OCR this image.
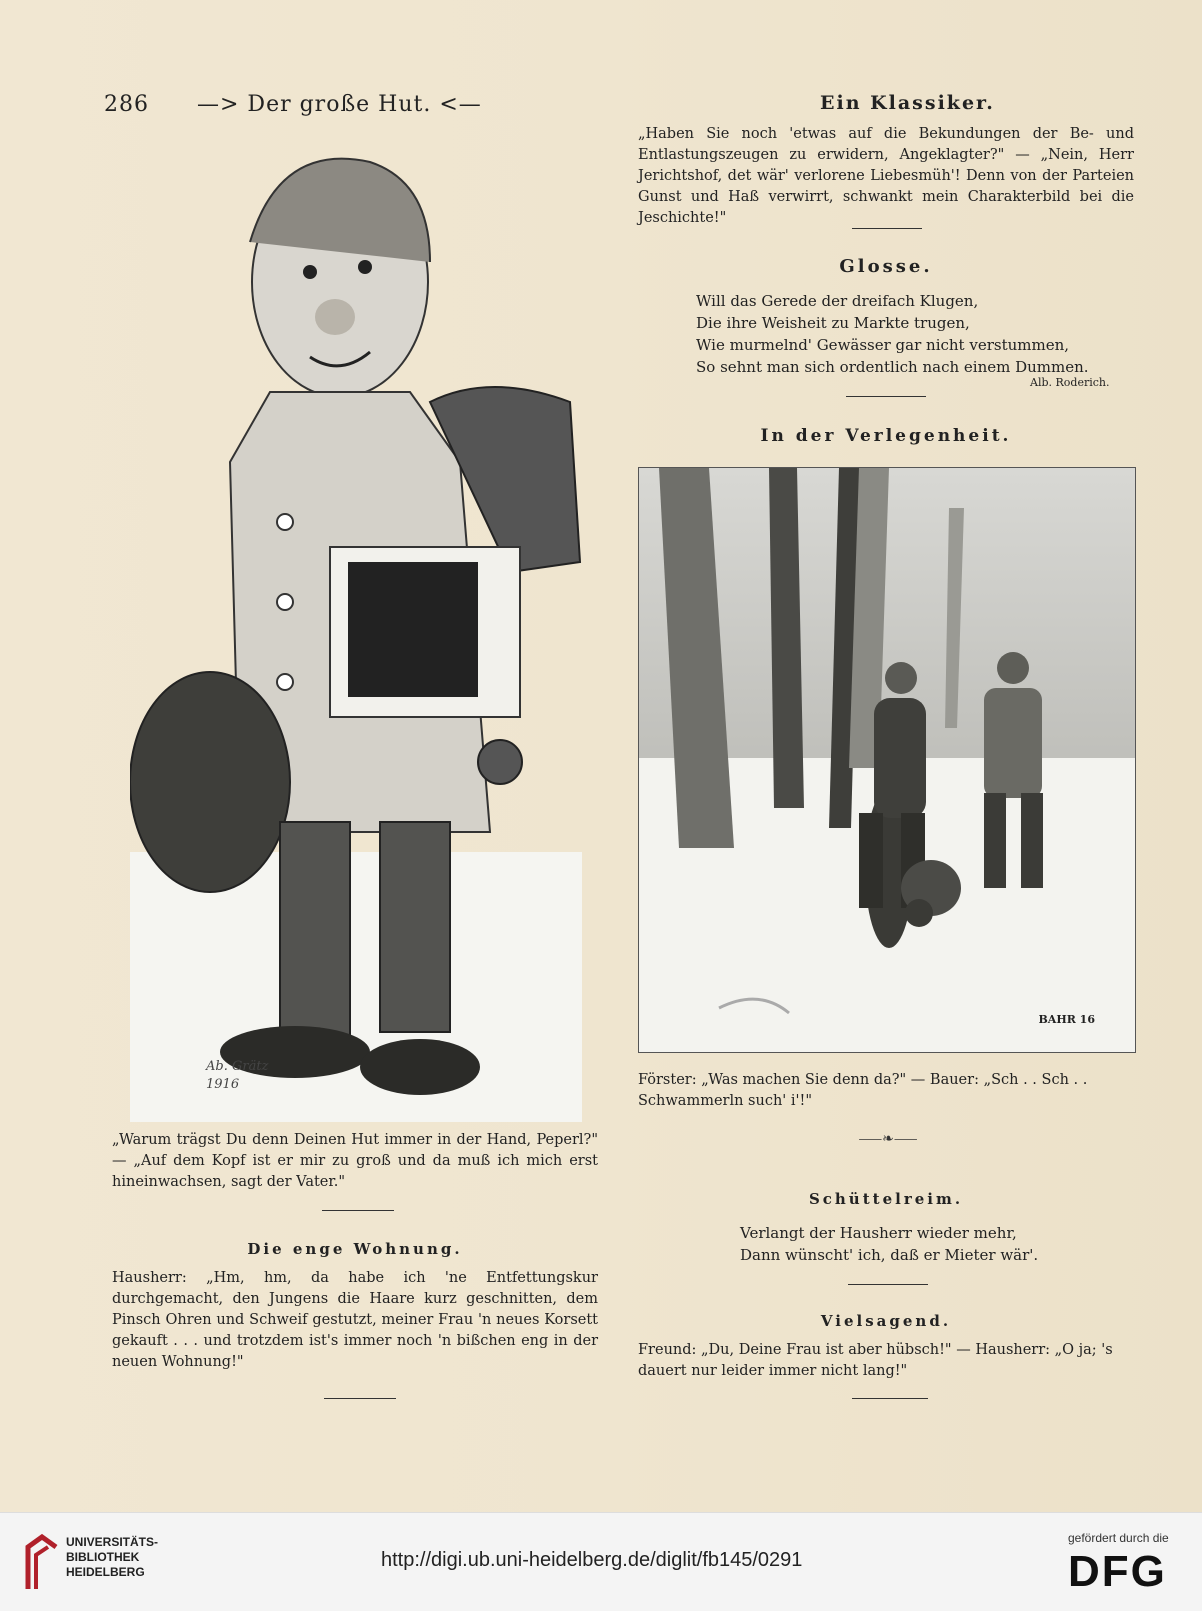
286 —> Der große Hut. <—	Ein Klassiker.
„Haben Sie noch 'etwas auf die Bekundungen der Be- und Entlastungszeugen zu erwidern, Angeklagter?" — „Nein, Herr Jerichtshof, det wär' verlorene Liebesmüh'! Denn von der Parteien Gunst und Haß verwirrt, schwankt mein Charakterbild bei die Jeschichte!"
Glosse.
Will das Gerede der dreifach Klugen,
Die ihre Weisheit zu Markte trugen,
Wie murmelnd' Gewässer gar nicht verstummen,
So sehnt man sich ordentlich nach einem Dummen.
Alb. Roderich.
In der Verlegenheit.
BAHR 16
Förster: „Was machen Sie denn da?" — Bauer: „Sch . . Sch . . Schwammerln such' i'!"
⸺❧⸺
Schüttelreim.
Verlangt der Hausherr wieder mehr,
Dann wünscht' ich, daß er Mieter wär'.
Vielsagend.
Freund: „Du, Deine Frau ist aber hübsch!" — Hausherr: „O ja; 's dauert nur leider immer nicht lang!"
Ab. Grätz 1916
„Warum trägst Du denn Deinen Hut immer in der Hand, Peperl?" — „Auf dem Kopf ist er mir zu groß und da muß ich mich erst hineinwachsen, sagt der Vater."
Die enge Wohnung.
Hausherr: „Hm, hm, da habe ich 'ne Entfettungskur durchgemacht, den Jungens die Haare kurz geschnitten, dem Pinsch Ohren und Schweif gestutzt, meiner Frau 'n neues Korsett gekauft . . . und trotzdem ist's immer noch 'n bißchen eng in der neuen Wohnung!"
UNIVERSITÄTS-
BIBLIOTHEK
HEIDELBERG
http://digi.ub.uni-heidelberg.de/diglit/fb145/0291
gefördert durch die
DFG
